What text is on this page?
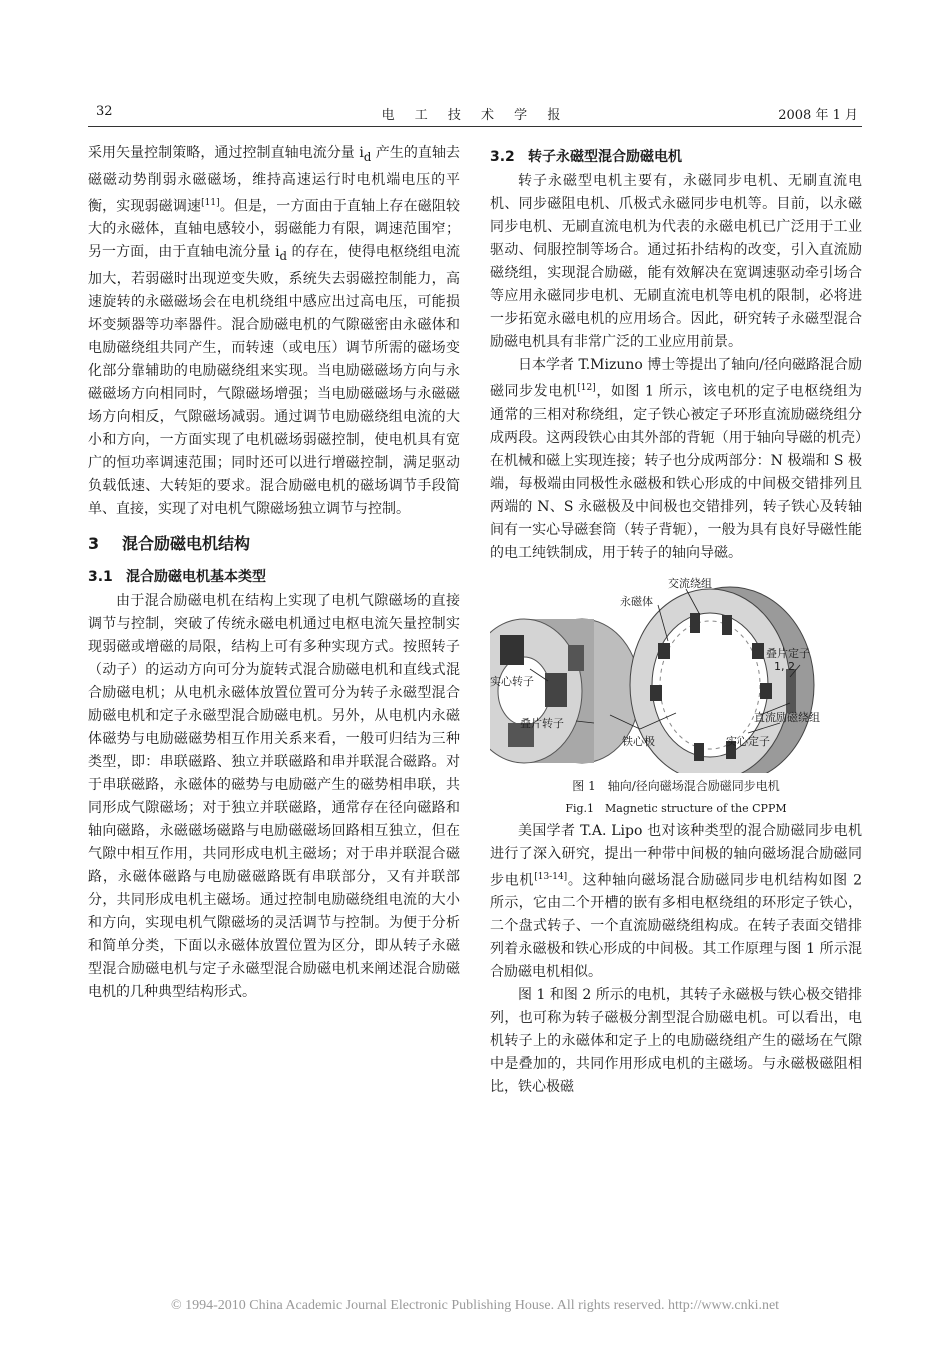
32	电 工 技 术 学 报	2008 年 1 月

采用矢量控制策略，通过控制直轴电流分量 $i_d$ 产生的直轴去磁磁动势削弱永磁磁场，维持高速运行时电机端电压的平衡，实现弱磁调速[11]。但是，一方面由于直轴上存在磁阻较大的永磁体，直轴电感较小，弱磁能力有限，调速范围窄；另一方面，由于直轴电流分量 $i_d$ 的存在，使得电枢绕组电流加大，若弱磁时出现逆变失败，系统失去弱磁控制能力，高速旋转的永磁磁场会在电机绕组中感应出过高电压，可能损坏变频器等功率器件。混合励磁电机的气隙磁密由永磁体和电励磁绕组共同产生，而转速（或电压）调节所需的磁场变化部分靠辅助的电励磁绕组来实现。当电励磁磁场方向与永磁磁场方向相同时，气隙磁场增强；当电励磁磁场与永磁磁场方向相反，气隙磁场减弱。通过调节电励磁绕组电流的大小和方向，一方面实现了电机磁场弱磁控制，使电机具有宽广的恒功率调速范围；同时还可以进行增磁控制，满足驱动负载低速、大转矩的要求。混合励磁电机的磁场调节手段简单、直接，实现了对电机气隙磁场独立调节与控制。

3 混合励磁电机结构
3.1 混合励磁电机基本类型

由于混合励磁电机在结构上实现了电机气隙磁场的直接调节与控制，突破了传统永磁电机通过电枢电流矢量控制实现弱磁或增磁的局限，结构上可有多种实现方式。按照转子（动子）的运动方向可分为旋转式混合励磁电机和直线式混合励磁电机；从电机永磁体放置位置可分为转子永磁型混合励磁电机和定子永磁型混合励磁电机。另外，从电机内永磁体磁势与电励磁磁势相互作用关系来看，一般可归结为三种类型，即：串联磁路、独立并联磁路和串并联混合磁路。对于串联磁路，永磁体的磁势与电励磁产生的磁势相串联，共同形成气隙磁场；对于独立并联磁路，通常存在径向磁路和轴向磁路，永磁磁场磁路与电励磁磁场回路相互独立，但在气隙中相互作用，共同形成电机主磁场；对于串并联混合磁路，永磁体磁路与电励磁磁路既有串联部分，又有并联部分，共同形成电机主磁场。通过控制电励磁绕组电流的大小和方向，实现电机气隙磁场的灵活调节与控制。为便于分析和简单分类，下面以永磁体放置位置为区分，即从转子永磁型混合励磁电机与定子永磁型混合励磁电机来阐述混合励磁电机的几种典型结构形式。

3.2 转子永磁型混合励磁电机

转子永磁型电机主要有，永磁同步电机、无刷直流电机、同步磁阻电机、爪极式永磁同步电机等。目前，以永磁同步电机、无刷直流电机为代表的永磁电机已广泛用于工业驱动、伺服控制等场合。通过拓扑结构的改变，引入直流励磁绕组，实现混合励磁，能有效解决在宽调速驱动牵引场合等应用永磁同步电机、无刷直流电机等电机的限制，必将进一步拓宽永磁电机的应用场合。因此，研究转子永磁型混合励磁电机具有非常广泛的工业应用前景。

日本学者 T.Mizuno 博士等提出了轴向/径向磁路混合励磁同步发电机[12]，如图 1 所示，该电机的定子电枢绕组为通常的三相对称绕组，定子铁心被定子环形直流励磁绕组分成两段。这两段铁心由其外部的背轭（用于轴向导磁的机壳）在机械和磁上实现连接；转子也分成两部分：N 极端和 S 极端，每极端由同极性永磁极和铁心形成的中间极交错排列且两端的 N、S 永磁极及中间极也交错排列，转子铁心及转轴间有一实心导磁套筒（转子背轭），一般为具有良好导磁性能的电工纯铁制成，用于转子的轴向导磁。

交流绕组
永磁体
叠片定子
1, 2
实心转子
叠片转子
铁心极
直流励磁绕组
实心定子
图 1　轴向/径向磁场混合励磁同步电机
Fig.1　Magnetic structure of the CPPM

美国学者 T.A. Lipo 也对该种类型的混合励磁同步电机进行了深入研究，提出一种带中间极的轴向磁场混合励磁同步电机[13-14]。这种轴向磁场混合励磁同步电机结构如图 2 所示，它由二个开槽的嵌有多相电枢绕组的环形定子铁心，二个盘式转子、一个直流励磁绕组构成。在转子表面交错排列着永磁极和铁心形成的中间极。其工作原理与图 1 所示混合励磁电机相似。

图 1 和图 2 所示的电机，其转子永磁极与铁心极交错排列，也可称为转子磁极分割型混合励磁电机。可以看出，电机转子上的永磁体和定子上的电励磁绕组产生的磁场在气隙中是叠加的，共同作用形成电机的主磁场。与永磁极磁阻相比，铁心极磁

© 1994-2010 China Academic Journal Electronic Publishing House. All rights reserved. http://www.cnki.net
